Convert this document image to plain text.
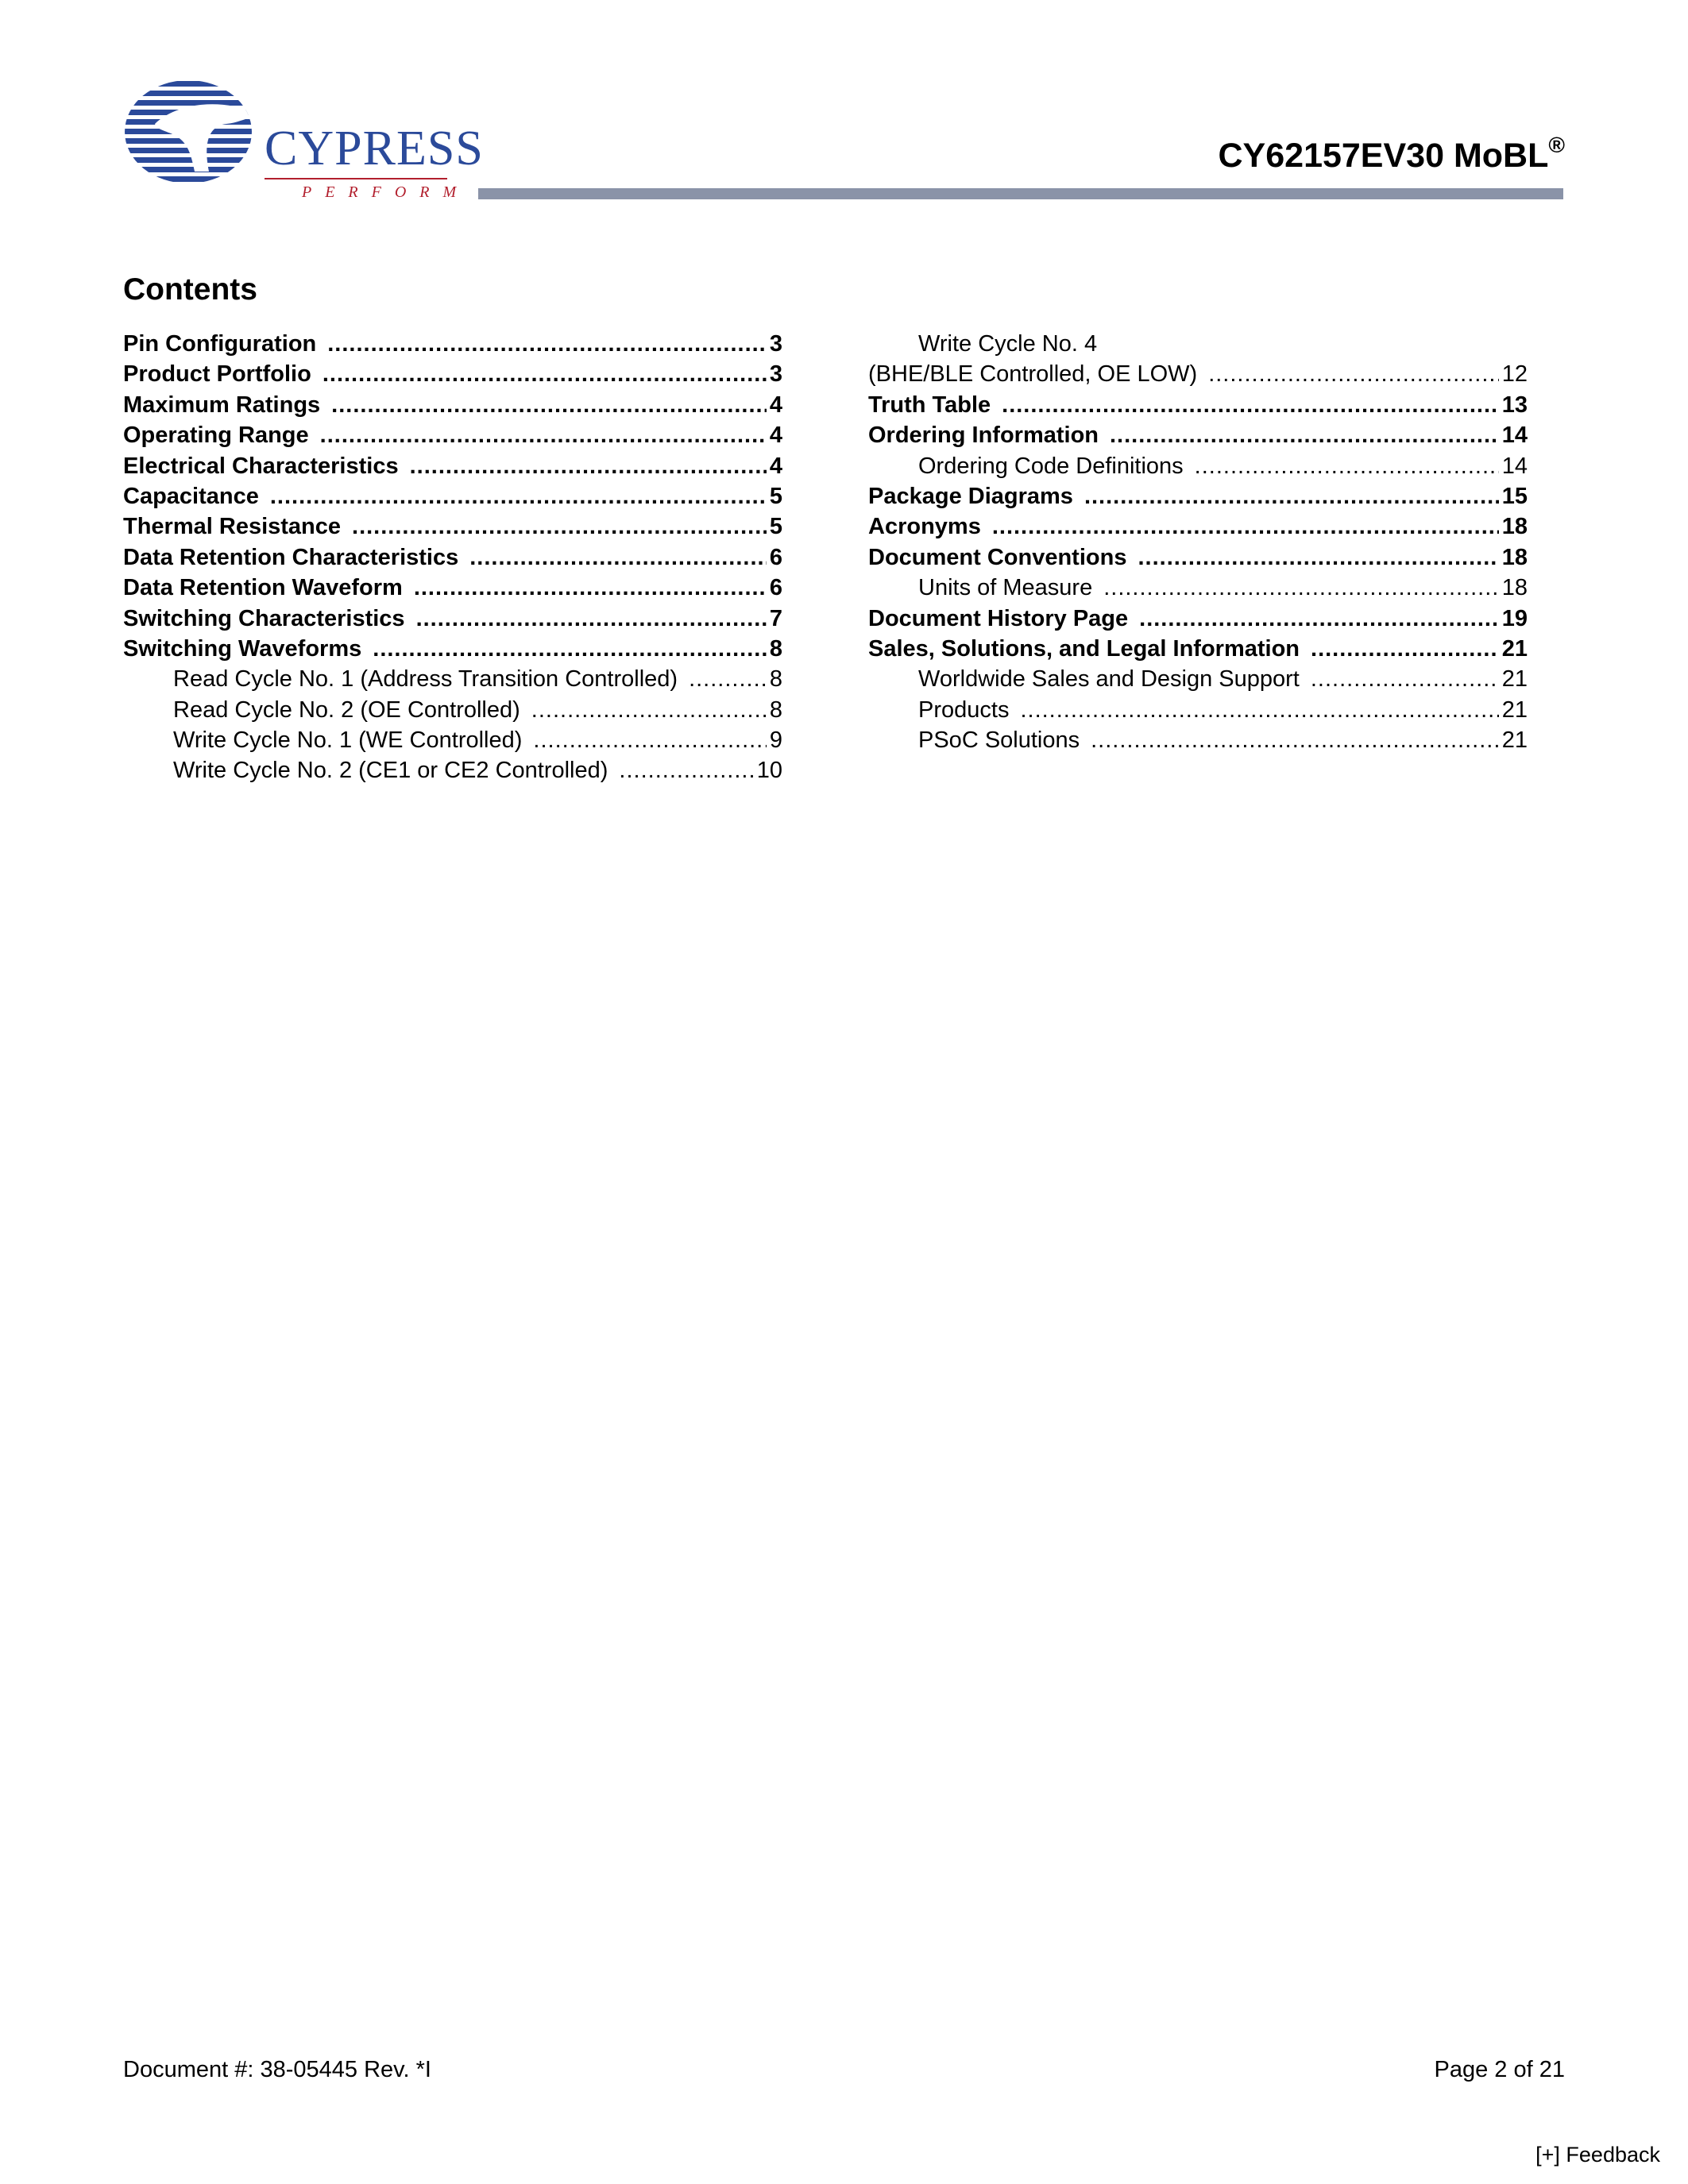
CYPRESS
PERFORM
CY62157EV30 MoBL®
Contents
Pin Configuration .....	3
Product Portfolio .....	3
Maximum Ratings .....	4
Operating Range .....	4
Electrical Characteristics .....	4
Capacitance .....	5
Thermal Resistance .....	5
Data Retention Characteristics .....	6
Data Retention Waveform .....	6
Switching Characteristics .....	7
Switching Waveforms .....	8
Read Cycle No. 1 (Address Transition Controlled) .....	8
Read Cycle No. 2 (OE Controlled) .....	8
Write Cycle No. 1 (WE Controlled) .....	9
Write Cycle No. 2 (CE1 or CE2 Controlled) .....	10
Write Cycle No. 4
(BHE/BLE Controlled, OE LOW) .....	12
Truth Table .....	13
Ordering Information .....	14
Ordering Code Definitions .....	14
Package Diagrams .....	15
Acronyms .....	18
Document Conventions .....	18
Units of Measure .....	18
Document History Page .....	19
Sales, Solutions, and Legal Information .....	21
Worldwide Sales and Design Support .....	21
Products .....	21
PSoC Solutions .....	21
Document #: 38-05445 Rev. *I	Page 2 of 21
[+] Feedback
